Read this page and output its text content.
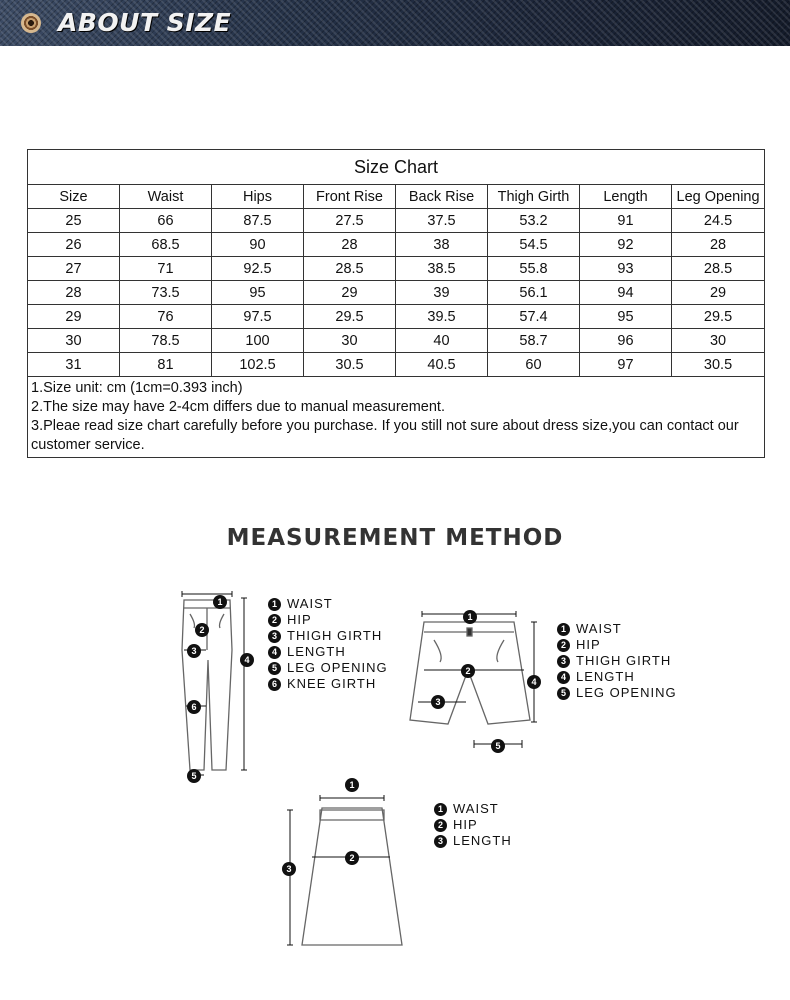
ABOUT SIZE
Size Chart							
Size	Waist	Hips	Front Rise	Back Rise	Thigh Girth	Length	Leg Opening
25	66	87.5	27.5	37.5	53.2	91	24.5
26	68.5	90	28	38	54.5	92	28
27	71	92.5	28.5	38.5	55.8	93	28.5
28	73.5	95	29	39	56.1	94	29
29	76	97.5	29.5	39.5	57.4	95	29.5
30	78.5	100	30	40	58.7	96	30
31	81	102.5	30.5	40.5	60	97	30.5

1.Size unit: cm (1cm=0.393 inch)
2.The size may have 2-4cm differs due to manual measurement.
3.Pleae read size chart carefully before you purchase. If you still not sure about dress size,you can contact our customer service.							
MEASUREMENT METHOD
1
2
3
4
6
5
1 WAIST
2 HIP
3 THIGH GIRTH
4 LENGTH
5 LEG OPENING
6 KNEE GIRTH
1
2
3
4
5
1 WAIST
2 HIP
3 THIGH GIRTH
4 LENGTH
5 LEG OPENING
1
2
3
1 WAIST
2 HIP
3 LENGTH
